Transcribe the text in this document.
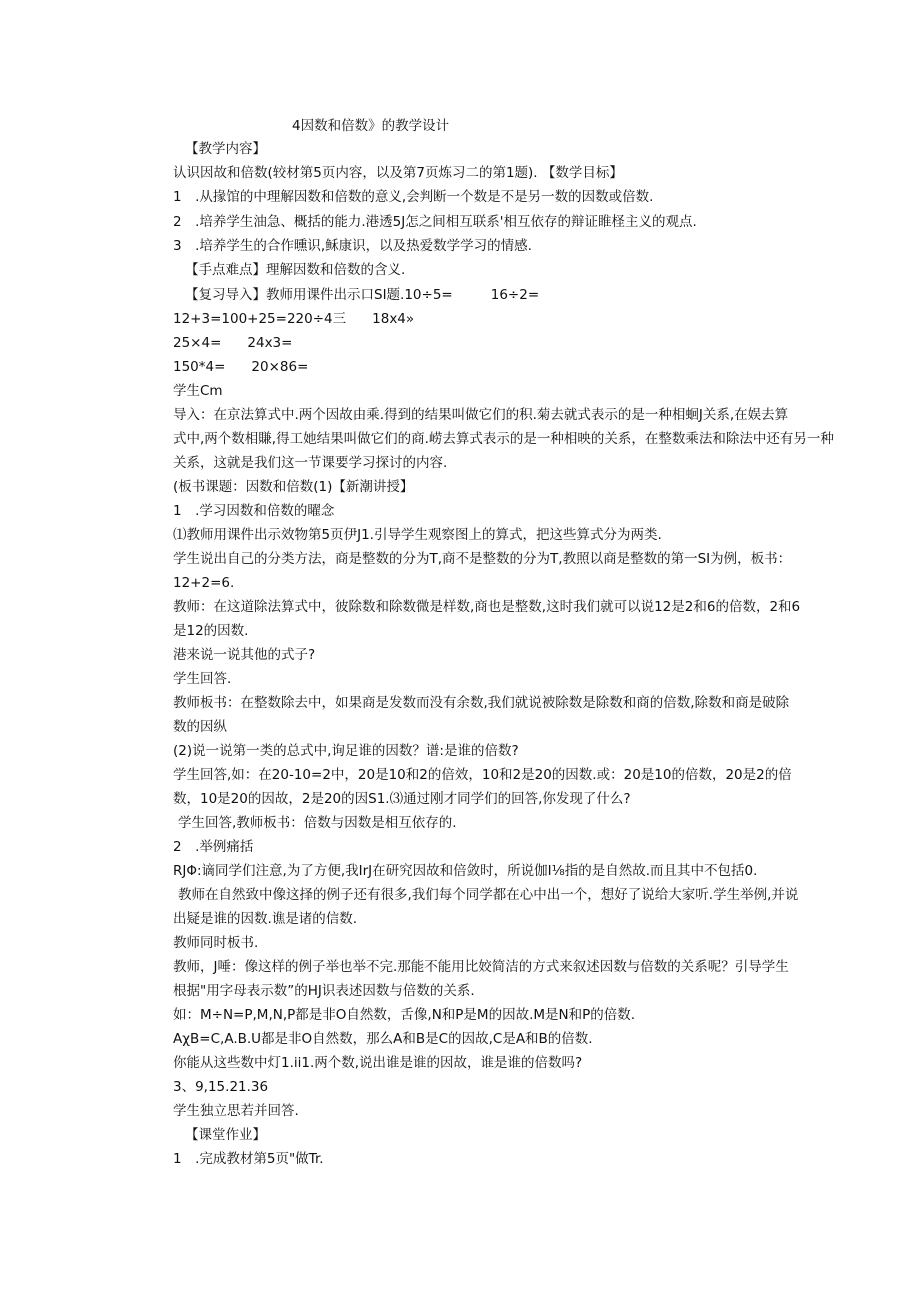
4因数和倍数》的教学设计
【教学内容】
认识因故和倍数(较材第5页内容，以及第7页炼习二的第1题). 【数学目标】
1　.从掾馆的中理解因数和倍数的意义,会判断一个数是不是另一数的因数或倍数.
2　.培养学生油急、概括的能力.港透5J怎之间相互联系'相互依存的辩证睢柽主义的观点.
3　.培养学生的合作曛识,稣康识，以及热爱数学学习的情感.
【手点难点】理解因数和倍数的含义.
【复习导入】教师用课件出示口SI题.10÷5=	16÷2=
12+3=100+25=220÷4三 18x4»
25×4= 24x3=
150*4= 20×86=
学生Cm
导入：在京法算式中.两个因故由乘.得到的结果叫做它们的积.菊去就式表示的是一种相蛔J关系,在娱去算
式中,两个数相賺,得工她结果叫做它们的商.崂去算式表示的是一种相映的关系，在整数乘法和除法中还有另一种
关系，这就是我们这一节课要学习探讨的内容.
(板书课题：因数和倍数(1)【新潮讲授】
1　.学习因数和倍数的曜念
⑴教师用课件出示效物第5页伊J1.引导学生观察图上的算式，把这些算式分为两类.
学生说出自己的分类方法，商是整数的分为T,商不是整数的分为T,教照以商是整数的第一SI为例，板书：
12+2=6.
教师：在这道除法算式中，彼除数和除数微是样数,商也是整数,这时我们就可以说12是2和6的倍数，2和6
是12的因数.
港来说一说其他的式子?
学生回答.
教师板书：在整数除去中，如果商是发数而没有余数,我们就说被除数是除数和商的倍数,除数和商是破除
数的因纵
(2)说一说第一类的总式中,询足谁的因数？谱:是谁的倍数?
学生回答,如：在20-10=2中，20是10和2的倍效，10和2是20的因数.或：20是10的倍数，20是2的倍
数，10是20的因故，2是20的因S1.⑶通过刚才同学们的回答,你发现了什么?
学生回答,教师板书：倍数与因数是相互依存的.
2　.举例痛括
RJΦ:谪同学们注意,为了方便,我IrJ在研究因故和倍敛时，所说伽I⅛指的是自然故.而且其中不包括0.
教师在自然致中像这择的例子还有很多,我们每个同学都在心中出一个，想好了说给大家听.学生举例,并说
出疑是谁的因数.谯是诸的信数.
教师同时板书.
教师，J唾：像这样的例子举也举不完.那能不能用比姣简洁的方式来叙述因数与倍数的关系呢？引导学生
根据"用字母表示数”的HJ识表述因数与倍数的关系.
如：M÷N=P,M,N,P都是非O自然数，舌像,N和P是M的因故.M是N和P的倍数.
AχB=C,A.B.U都是非O自然数，那么A和B是C的因故,C是A和B的倍数.
你能从这些数中灯1.ii1.两个数,说出谁是谁的因故，谁是谁的倍数吗?
3、9,15.21.36
学生独立思若并回答.
【课堂作业】
1　.完成教材第5页"做Tr.
